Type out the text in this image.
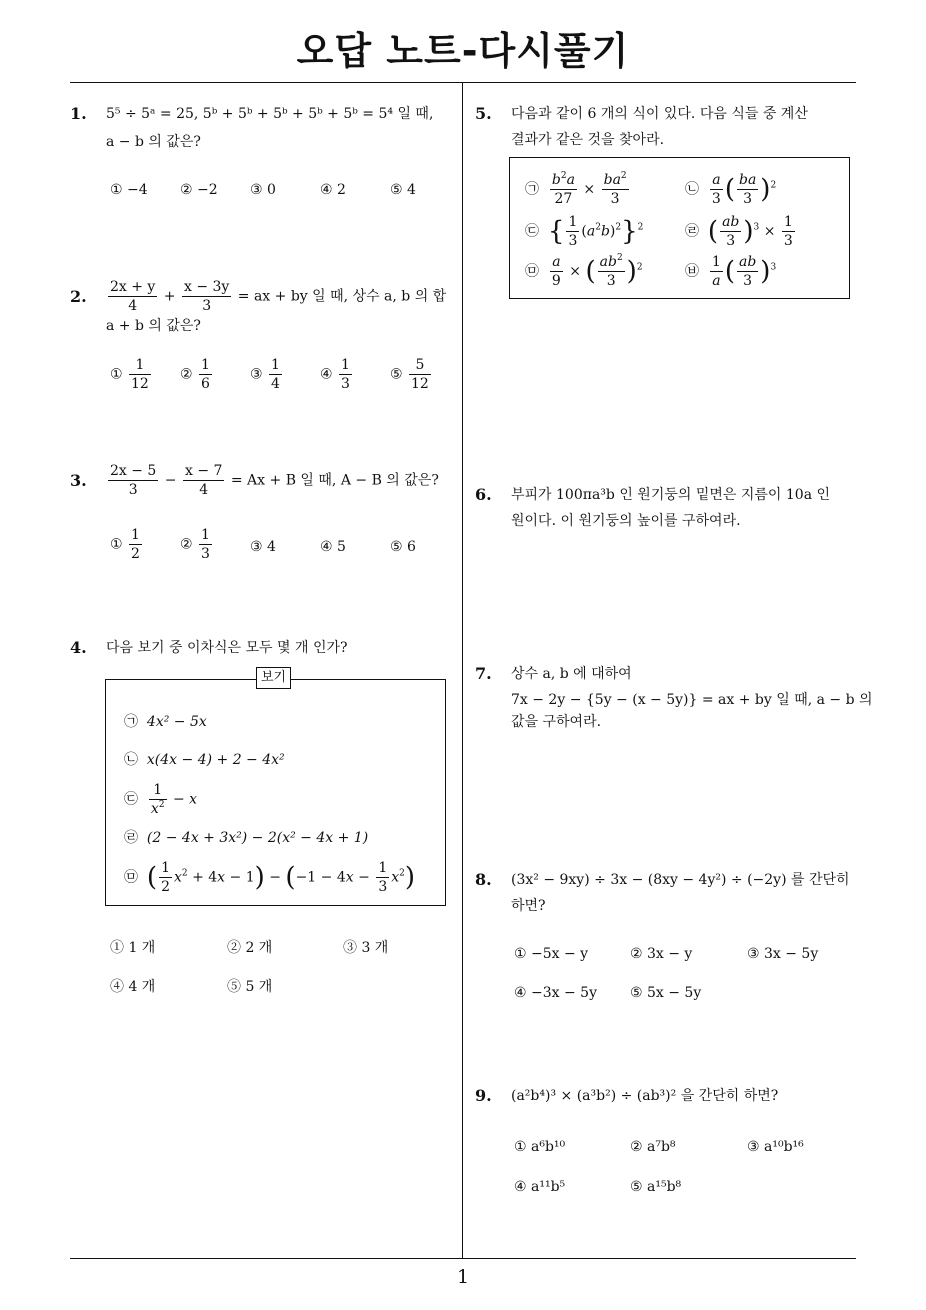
오답 노트-다시풀기
1
1. 5⁵ ÷ 5ᵃ = 25, 5ᵇ + 5ᵇ + 5ᵇ + 5ᵇ + 5ᵇ = 5⁴ 일 때,
a − b 의 값은?
① −4 ② −2 ③ 0	④ 2	⑤ 4
2. $\frac{2x + y}{4} + \frac{x - 3y}{3}$ = ax + by 일 때, 상수 a, b 의 합
a + b 의 값은?
① $\frac{1}{12}$ ② $\frac{1}{6}$	③ $\frac{1}{4}$	④ $\frac{1}{3}$	⑤ $\frac{5}{12}$
3. $\frac{2x - 5}{3} - \frac{x - 7}{4} = Ax + B$ 일 때, A − B 의 값은?
① $\frac{1}{2}$	② $\frac{1}{3}$	③ 4	④ 5	⑤ 6
4. 다음 보기 중 이차식은 모두 몇 개 인가?
보기
㉠ 4x² − 5x
㉡ x(4x − 4) + 2 − 4x²
㉢ $\frac{1}{x^2} - x$
㉣ (2 − 4x + 3x²) − 2(x² − 4x + 1)
㉤ ( $\frac{1}{2} x^2 + 4x - 1) - (-1 - 4x - \frac{1}{3} x^2)$
① 1 개	② 2 개	③ 3 개
④ 4 개	⑤ 5 개
5. 다음과 같이 6 개의 식이 있다. 다음 식들 중 계산
결과가 같은 것을 찾아라.
㉠ $\frac{b^2a}{27} \times \frac{ba^2}{3}$	㉡ $\frac{a}{3}$ ( $\frac{ba}{3} )^2$
㉢ { $\frac{1}{3} (a^2b)^2\}^2$	㉣ ( $\frac{ab}{3} )^3 \times \frac{1}{3}$
㉤ $\frac{a}{9}$ × ( $\frac{ab^2}{3} )^2$	㉥ $\frac{1}{a}$ ( $\frac{ab}{3} )^3$
6. 부피가 100πa³b 인 원기둥의 밑면은 지름이 10a 인
원이다. 이 원기둥의 높이를 구하여라.
7. 상수 a, b 에 대하여
7x − 2y − {5y − (x − 5y)} = ax + by 일 때, a − b 의
값을 구하여라.
8. (3x² − 9xy) ÷ 3x − (8xy − 4y²) ÷ (−2y) 를 간단히
하면?
① −5x − y	② 3x − y	③ 3x − 5y
④ −3x − 5y ⑤ 5x − 5y
9. (a²b⁴)³ × (a³b²) ÷ (ab³)² 을 간단히 하면?
① a⁶b¹⁰	② a⁷b⁸	③ a¹⁰b¹⁶
④ a¹¹b⁵	⑤ a¹⁵b⁸
